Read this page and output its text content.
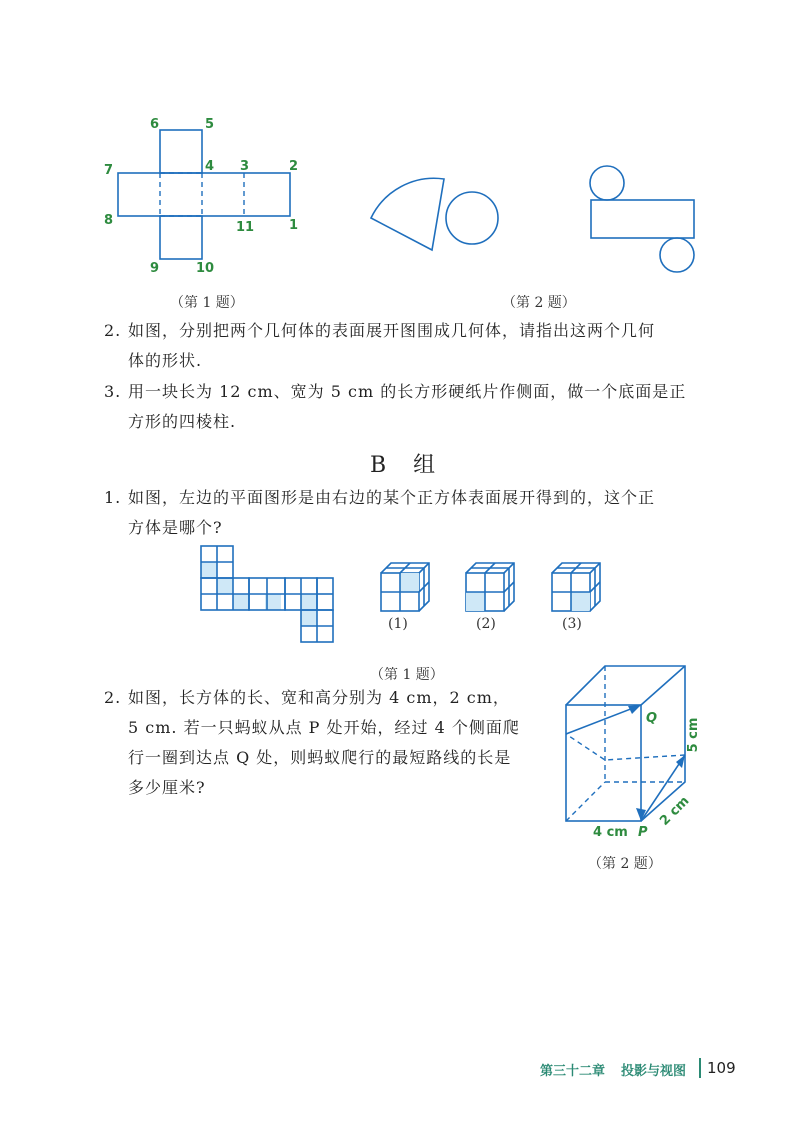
6	5
7	4 3	2
8	11	1
9	10
Q
P
5 cm
2 cm
4 cm
（第 1 题）	（第 2 题）
2. 如图，分别把两个几何体的表面展开图围成几何体，请指出这两个几何
体的形状.
3. 用一块长为 12 cm、宽为 5 cm 的长方形硬纸片作侧面，做一个底面是正
方形的四棱柱.
B 组
1. 如图，左边的平面图形是由右边的某个正方体表面展开得到的，这个正
方体是哪个?
(1)	(2)	(3)
（第 1 题）
2. 如图，长方体的长、宽和高分别为 4 cm，2 cm，
5 cm. 若一只蚂蚁从点 P 处开始，经过 4 个侧面爬
行一圈到达点 Q 处，则蚂蚁爬行的最短路线的长是
多少厘米?
（第 2 题）
第三十二章 投影与视图 109
